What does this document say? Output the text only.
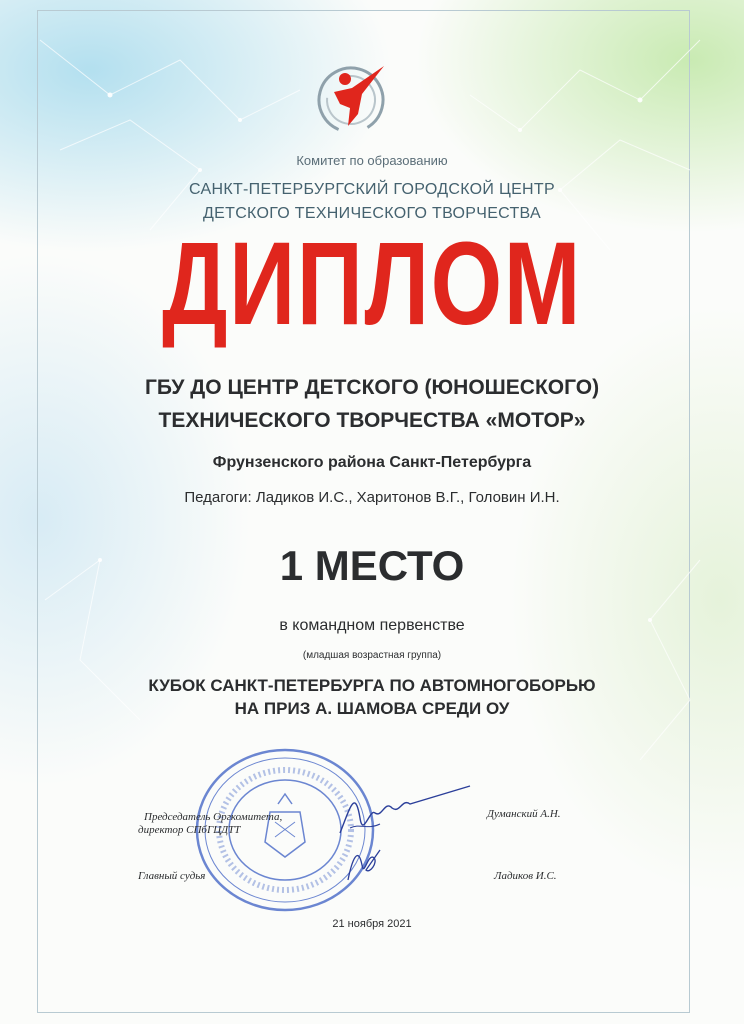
Комитет по образованию
САНКТ-ПЕТЕРБУРГСКИЙ ГОРОДСКОЙ ЦЕНТР
ДЕТСКОГО ТЕХНИЧЕСКОГО ТВОРЧЕСТВА
ДИПЛОМ
ГБУ ДО ЦЕНТР ДЕТСКОГО (ЮНОШЕСКОГО)
ТЕХНИЧЕСКОГО ТВОРЧЕСТВА «МОТОР»
Фрунзенского района Санкт-Петербурга
Педагоги: Ладиков И.С., Харитонов В.Г., Головин И.Н.
1 МЕСТО
в командном первенстве
(младшая возрастная группа)
КУБОК САНКТ-ПЕТЕРБУРГА ПО АВТОМНОГОБОРЬЮ
НА ПРИЗ А. ШАМОВА СРЕДИ ОУ
Председатель Оргкомитета,
директор СПбГЦДТТ
Думанский А.Н.
Главный судья	Ладиков И.С.
21 ноября 2021
